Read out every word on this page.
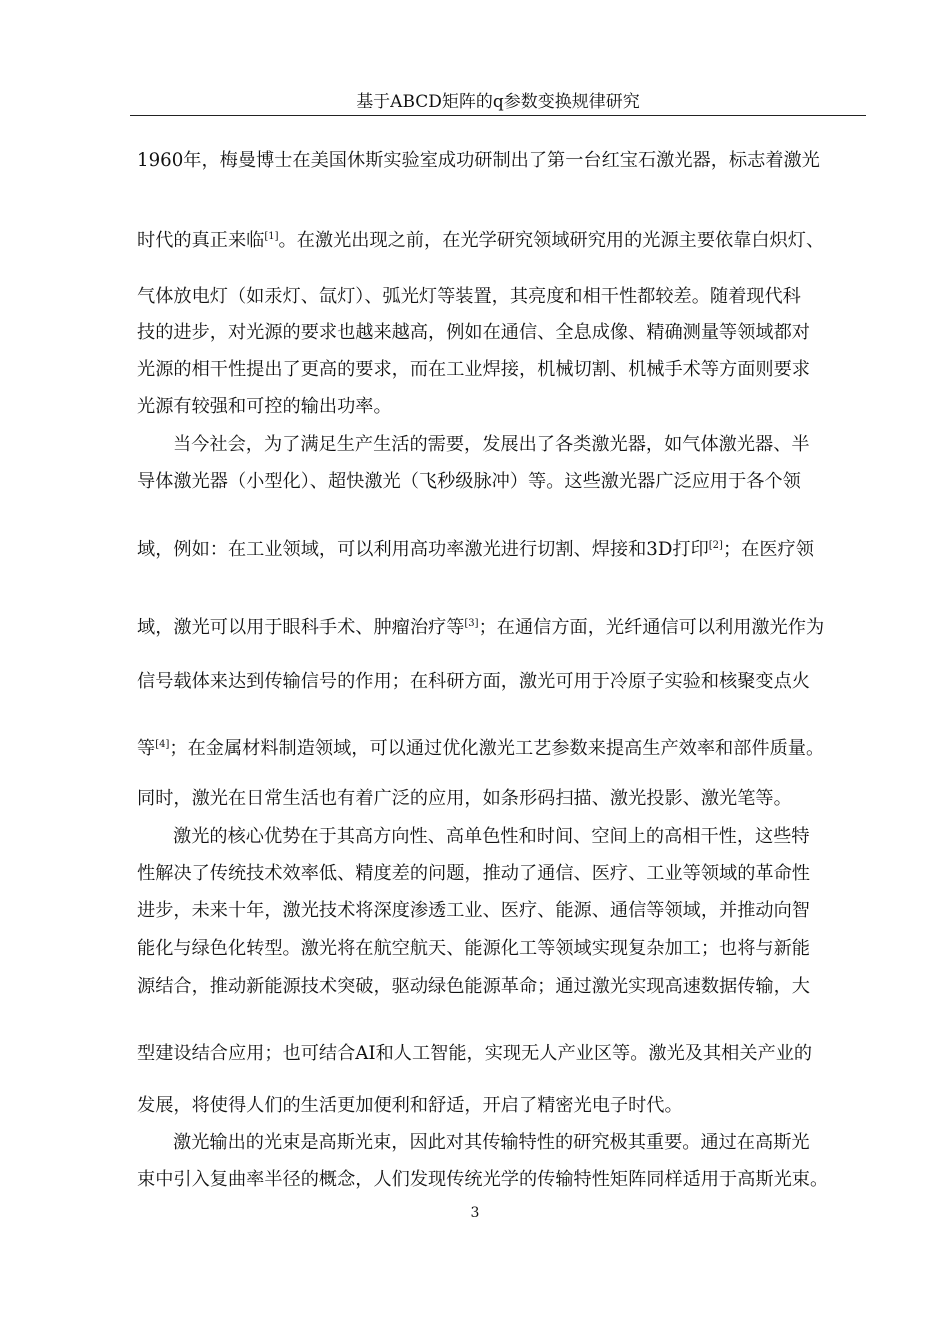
基于ABCD矩阵的q参数变换规律研究
1960年，梅曼博士在美国休斯实验室成功研制出了第一台红宝石激光器，标志着激光
时代的真正来临[1]。在激光出现之前，在光学研究领域研究用的光源主要依靠白炽灯、
气体放电灯（如汞灯、氙灯）、弧光灯等装置，其亮度和相干性都较差。随着现代科
技的进步，对光源的要求也越来越高，例如在通信、全息成像、精确测量等领域都对
光源的相干性提出了更高的要求，而在工业焊接，机械切割、机械手术等方面则要求
光源有较强和可控的输出功率。
当今社会，为了满足生产生活的需要，发展出了各类激光器，如气体激光器、半
导体激光器（小型化）、超快激光（飞秒级脉冲）等。这些激光器广泛应用于各个领
域，例如：在工业领域，可以利用高功率激光进行切割、焊接和3D打印[2]；在医疗领
域，激光可以用于眼科手术、肿瘤治疗等[3]；在通信方面，光纤通信可以利用激光作为
信号载体来达到传输信号的作用；在科研方面，激光可用于冷原子实验和核聚变点火
等[4]；在金属材料制造领域，可以通过优化激光工艺参数来提高生产效率和部件质量。
同时，激光在日常生活也有着广泛的应用，如条形码扫描、激光投影、激光笔等。
激光的核心优势在于其高方向性、高单色性和时间、空间上的高相干性，这些特
性解决了传统技术效率低、精度差的问题，推动了通信、医疗、工业等领域的革命性
进步，未来十年，激光技术将深度渗透工业、医疗、能源、通信等领域，并推动向智
能化与绿色化转型。激光将在航空航天、能源化工等领域实现复杂加工；也将与新能
源结合，推动新能源技术突破，驱动绿色能源革命；通过激光实现高速数据传输，大
型建设结合应用；也可结合AI和人工智能，实现无人产业区等。激光及其相关产业的
发展，将使得人们的生活更加便利和舒适，开启了精密光电子时代。
激光输出的光束是高斯光束，因此对其传输特性的研究极其重要。通过在高斯光
束中引入复曲率半径的概念，人们发现传统光学的传输特性矩阵同样适用于高斯光束。
3
